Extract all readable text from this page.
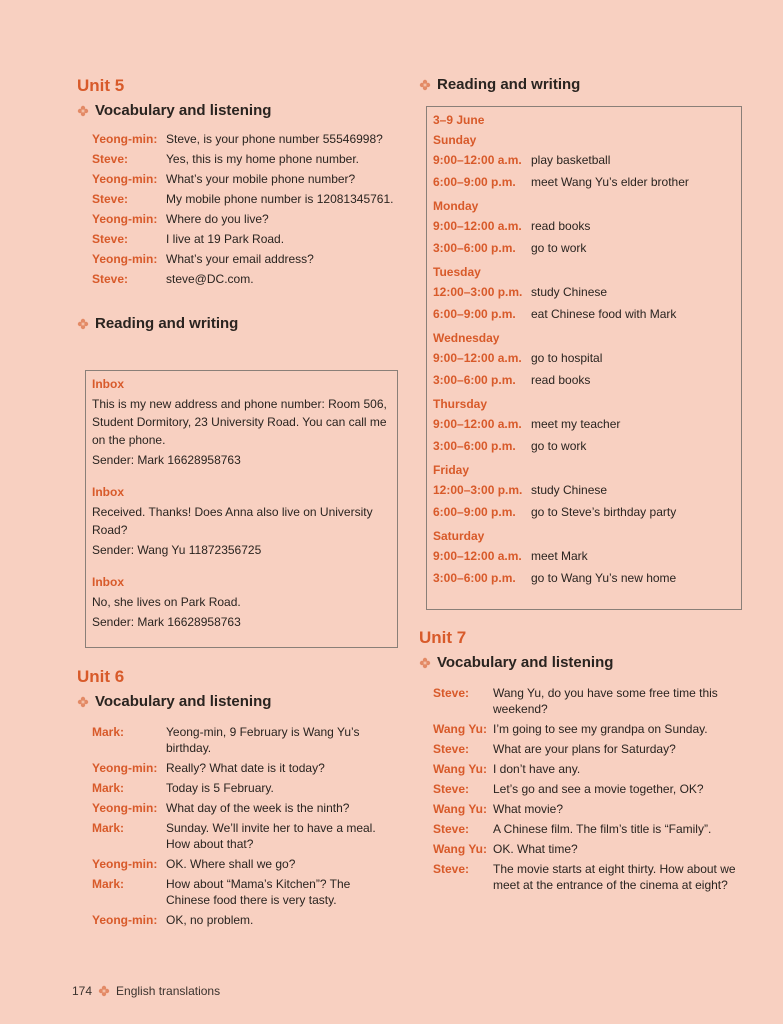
Unit 5
Vocabulary and listening
Yeong-min: Steve, is your phone number 55546998?
Steve:	Yes, this is my home phone number.
Yeong-min: What’s your mobile phone number?
Steve:	My mobile phone number is 12081345761.
Yeong-min: Where do you live?
Steve:	I live at 19 Park Road.
Yeong-min: What’s your email address?
Steve:	steve@DC.com.
Reading and writing

Inbox

This is my new address and phone number: Room 506, Student Dormitory, 23 University Road. You can call me on the phone.

Sender: Mark 16628958763

Inbox

Received. Thanks! Does Anna also live on University Road?

Sender: Wang Yu 11872356725

Inbox

No, she lives on Park Road.

Sender: Mark 16628958763

Unit 6
Vocabulary and listening
Mark:	Yeong-min, 9 February is Wang Yu’s birthday.
Yeong-min: Really? What date is it today?
Mark:	Today is 5 February.
Yeong-min: What day of the week is the ninth?
Mark:	Sunday. We’ll invite her to have a meal. How about that?
Yeong-min: OK. Where shall we go?
Mark:	How about “Mama’s Kitchen”? The Chinese food there is very tasty.
Yeong-min: OK, no problem.
Reading and writing
3–9 June
Sunday
9:00–12:00 a.m. play basketball
6:00–9:00 p.m.	meet Wang Yu’s elder brother
Monday
9:00–12:00 a.m. read books
3:00–6:00 p.m.	go to work
Tuesday
12:00–3:00 p.m. study Chinese
6:00–9:00 p.m.	eat Chinese food with Mark
Wednesday
9:00–12:00 a.m. go to hospital
3:00–6:00 p.m.	read books
Thursday
9:00–12:00 a.m. meet my teacher
3:00–6:00 p.m.	go to work
Friday
12:00–3:00 p.m. study Chinese
6:00–9:00 p.m.	go to Steve’s birthday party
Saturday
9:00–12:00 a.m. meet Mark
3:00–6:00 p.m.	go to Wang Yu’s new home
Unit 7
Vocabulary and listening
Steve:	Wang Yu, do you have some free time this weekend?
Wang Yu: I’m going to see my grandpa on Sunday.
Steve:	What are your plans for Saturday?
Wang Yu: I don’t have any.
Steve:	Let’s go and see a movie together, OK?
Wang Yu: What movie?
Steve:	A Chinese film. The film’s title is “Family”.
Wang Yu: OK. What time?
Steve:	The movie starts at eight thirty. How about we meet at the entrance of the cinema at eight?
174 English translations
